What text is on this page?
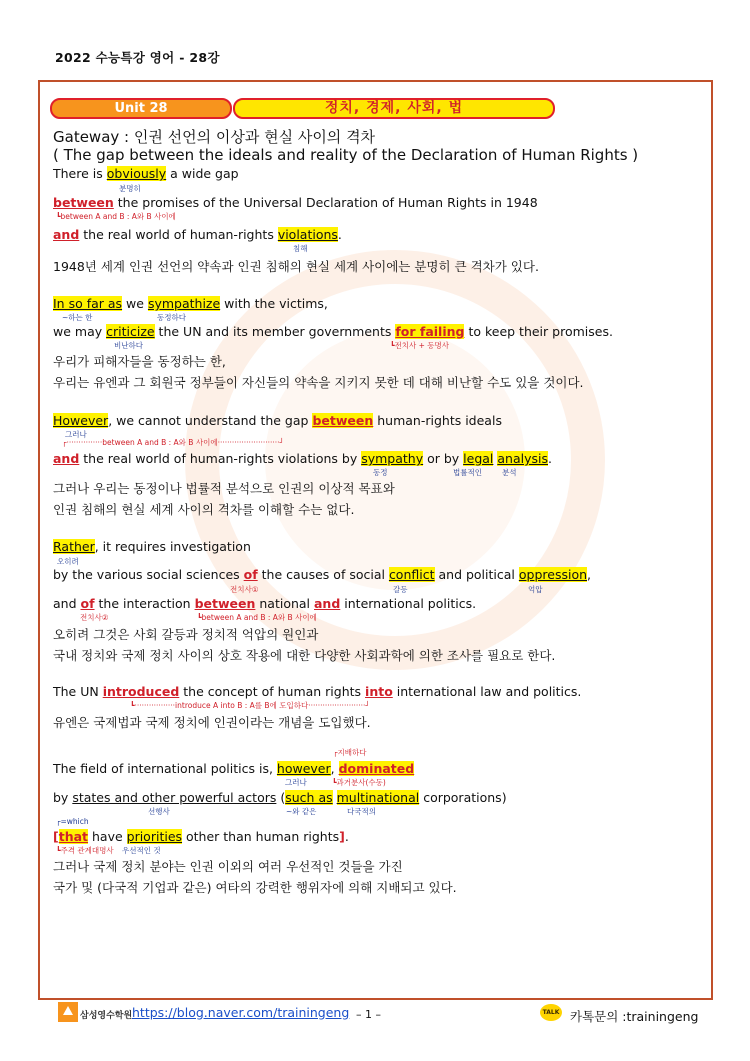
2022 수능특강 영어 - 28강
Unit 28	정치, 경제, 사회, 법
Gateway : 인권 선언의 이상과 현실 사이의 격차
( The gap between the ideals and reality of the Declaration of Human Rights )
There is obviously a wide gap
분명히
between the promises of the Universal Declaration of Human Rights in 1948
┗between A and B : A와 B 사이에
and the real world of human-rights violations.
침해
1948년 세계 인권 선언의 약속과 인권 침해의 현실 세계 사이에는 분명히 큰 격차가 있다.
In so far as we sympathize with the victims,
~하는 한	동정하다
we may criticize the UN and its member governments for failing to keep their promises.
비난하다	┗전치사 + 동명사
우리가 피해자들을 동정하는 한,
우리는 유엔과 그 회원국 정부들이 자신들의 약속을 지키지 못한 데 대해 비난할 수도 있을 것이다.
However, we cannot understand the gap between human-rights ideals
그러나
┌···············between A and B : A와 B 사이에··························┘
and the real world of human-rights violations by sympathy or by legal analysis.
동정	법률적인	분석
그러나 우리는 동정이나 법률적 분석으로 인권의 이상적 목표와
인권 침해의 현실 세계 사이의 격차를 이해할 수는 없다.
Rather, it requires investigation
오히려
by the various social sciences of the causes of social conflict and political oppression,
전치사①	갈등	억압
and of the interaction between national and international politics.
전치사②	┗between A and B : A와 B 사이에
오히려 그것은 사회 갈등과 정치적 억압의 원인과
국내 정치와 국제 정치 사이의 상호 작용에 대한 다양한 사회과학에 의한 조사를 필요로 한다.
The UN introduced the concept of human rights into international law and politics.
┗·················introduce A into B : A를 B에 도입하다························┘
유엔은 국제법과 국제 정치에 인권이라는 개념을 도입했다.
┌지배하다
The field of international politics is, however, dominated
그러나	┗과거분사(수동)
by states and other powerful actors (such as multinational corporations)
선행사	~와 같은	다국적의
┌=which
[that have priorities other than human rights].
┗주격 관계대명사 우선적인 것
그러나 국제 정치 분야는 인권 이외의 여러 우선적인 것들을 가진
국가 및 (다국적 기업과 같은) 여타의 강력한 행위자에 의해 지배되고 있다.
삼성영수학원 https://blog.naver.com/trainingeng – 1 –	TALK 카톡문의 :trainingeng
